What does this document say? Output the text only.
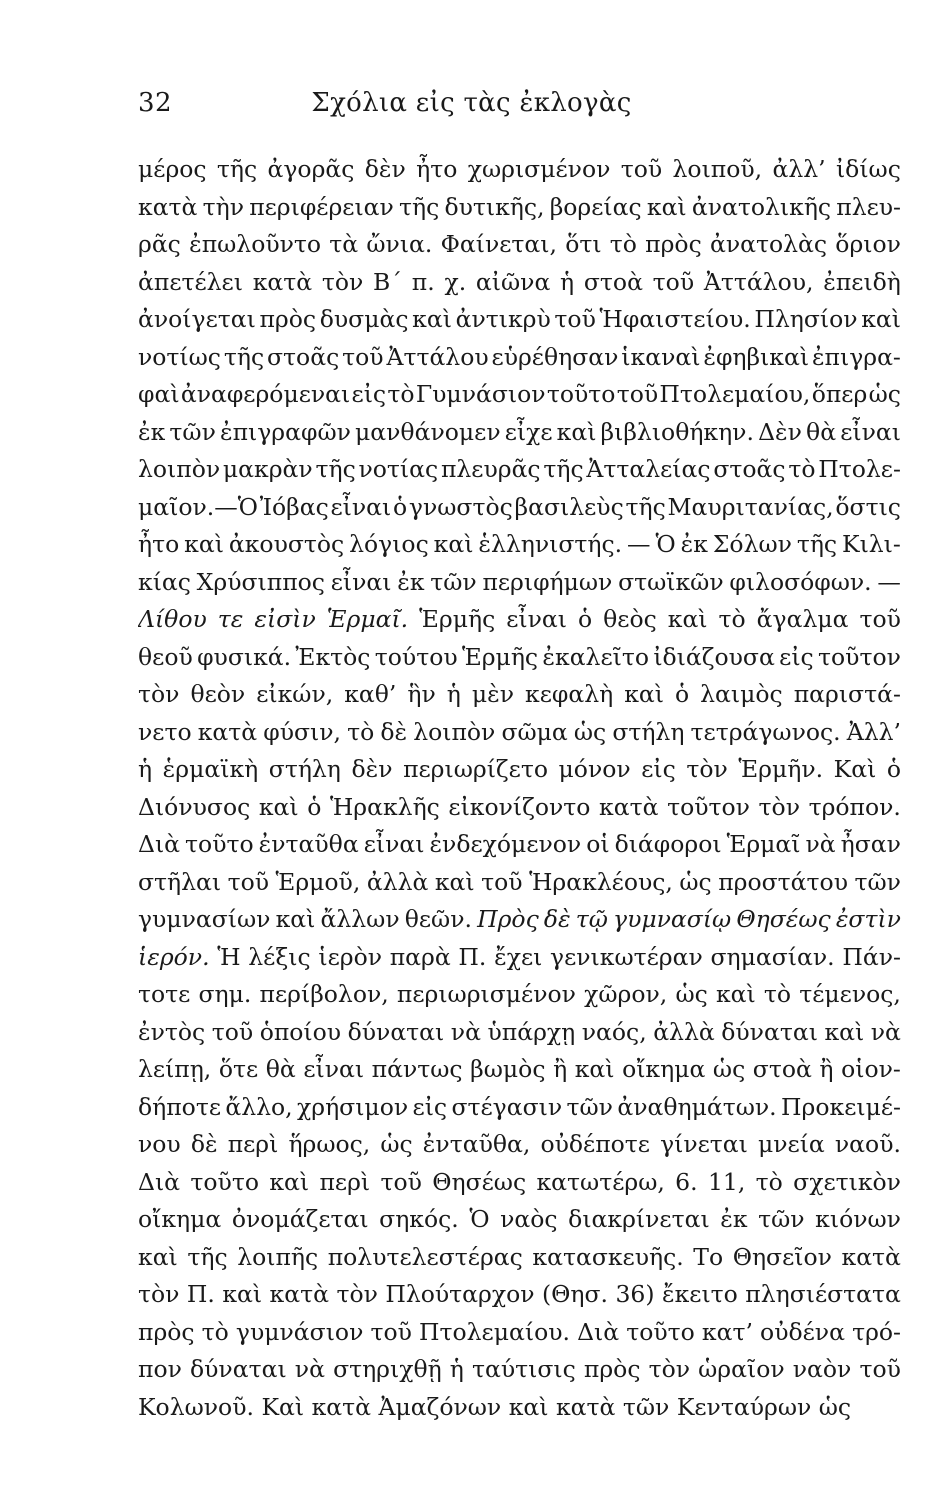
32	Σχόλια εἰς τὰς ἐκλογὰς
μέρος τῆς ἀγορᾶς δὲν ἦτο χωρισμένον τοῦ λοιποῦ, ἀλλ’ ἰδίως
κατὰ τὴν περιφέρειαν τῆς δυτικῆς, βορείας καὶ ἀνατολικῆς πλευ-
ρᾶς ἐπωλοῦντο τὰ ὤνια. Φαίνεται, ὅτι τὸ πρὸς ἀνατολὰς ὅριον
ἀπετέλει κατὰ τὸν Β΄ π. χ. αἰῶνα ἡ στοὰ τοῦ Ἀττάλου, ἐπειδὴ
ἀνοίγεται πρὸς δυσμὰς καὶ ἀντικρὺ τοῦ Ἡφαιστείου. Πλησίον καὶ
νοτίως τῆς στοᾶς τοῦ Ἀττάλου εὑρέθησαν ἱκαναὶ ἐφηβικαὶ ἐπιγρα-
φαὶ ἀναφερόμεναι εἰς τὸ Γυμνάσιον τοῦτο τοῦ Πτολεμαίου, ὅπερ ὡς
ἐκ τῶν ἐπιγραφῶν μανθάνομεν εἶχε καὶ βιβλιοθήκην. Δὲν θὰ εἶναι
λοιπὸν μακρὰν τῆς νοτίας πλευρᾶς τῆς Ἀτταλείας στοᾶς τὸ Πτολε-
μαῖον.—Ὁ Ἰόβας εἶναι ὁ γνωστὸς βασιλεὺς τῆς Μαυριτανίας, ὅστις
ἦτο καὶ ἀκουστὸς λόγιος καὶ ἑλληνιστής. — Ὁ ἐκ Σόλων τῆς Κιλι-
κίας Χρύσιππος εἶναι ἐκ τῶν περιφήμων στωϊκῶν φιλοσόφων. —
Λίθου τε εἰσὶν Ἑρμαῖ. Ἑρμῆς εἶναι ὁ θεὸς καὶ τὸ ἄγαλμα τοῦ
θεοῦ φυσικά. Ἐκτὸς τούτου Ἑρμῆς ἐκαλεῖτο ἰδιάζουσα εἰς τοῦτον
τὸν θεὸν εἰκών, καθ’ ἣν ἡ μὲν κεφαλὴ καὶ ὁ λαιμὸς παριστά-
νετο κατὰ φύσιν, τὸ δὲ λοιπὸν σῶμα ὡς στήλη τετράγωνος. Ἀλλ’
ἡ ἑρμαϊκὴ στήλη δὲν περιωρίζετο μόνον εἰς τὸν Ἑρμῆν. Καὶ ὁ
Διόνυσος καὶ ὁ Ἡρακλῆς εἰκονίζοντο κατὰ τοῦτον τὸν τρόπον.
Διὰ τοῦτο ἐνταῦθα εἶναι ἐνδεχόμενον οἱ διάφοροι Ἑρμαῖ νὰ ἦσαν
στῆλαι τοῦ Ἑρμοῦ, ἀλλὰ καὶ τοῦ Ἡρακλέους, ὡς προστάτου τῶν
γυμνασίων καὶ ἄλλων θεῶν. Πρὸς δὲ τῷ γυμνασίῳ Θησέως ἐστὶν
ἱερόν. Ἡ λέξις ἱερὸν παρὰ Π. ἔχει γενικωτέραν σημασίαν. Πάν-
τοτε σημ. περίβολον, περιωρισμένον χῶρον, ὡς καὶ τὸ τέμενος,
ἐντὸς τοῦ ὁποίου δύναται νὰ ὑπάρχῃ ναός, ἀλλὰ δύναται καὶ νὰ
λείπῃ, ὅτε θὰ εἶναι πάντως βωμὸς ἢ καὶ οἴκημα ὡς στοὰ ἢ οἱον-
δήποτε ἄλλο, χρήσιμον εἰς στέγασιν τῶν ἀναθημάτων. Προκειμέ-
νου δὲ περὶ ἥρωος, ὡς ἐνταῦθα, οὐδέποτε γίνεται μνεία ναοῦ.
Διὰ τοῦτο καὶ περὶ τοῦ Θησέως κατωτέρω, 6. 11, τὸ σχετικὸν
οἴκημα ὀνομάζεται σηκός. Ὁ ναὸς διακρίνεται ἐκ τῶν κιόνων
καὶ τῆς λοιπῆς πολυτελεστέρας κατασκευῆς. Το Θησεῖον κατὰ
τὸν Π. καὶ κατὰ τὸν Πλούταρχον (Θησ. 36) ἔκειτο πλησιέστατα
πρὸς τὸ γυμνάσιον τοῦ Πτολεμαίου. Διὰ τοῦτο κατ’ οὐδένα τρό-
πον δύναται νὰ στηριχθῇ ἡ ταύτισις πρὸς τὸν ὡραῖον ναὸν τοῦ
Κολωνοῦ.
Καὶ
κατὰ
Ἀμαζόνων
καὶ
κατὰ
τῶν
Κενταύρων
ὡς
